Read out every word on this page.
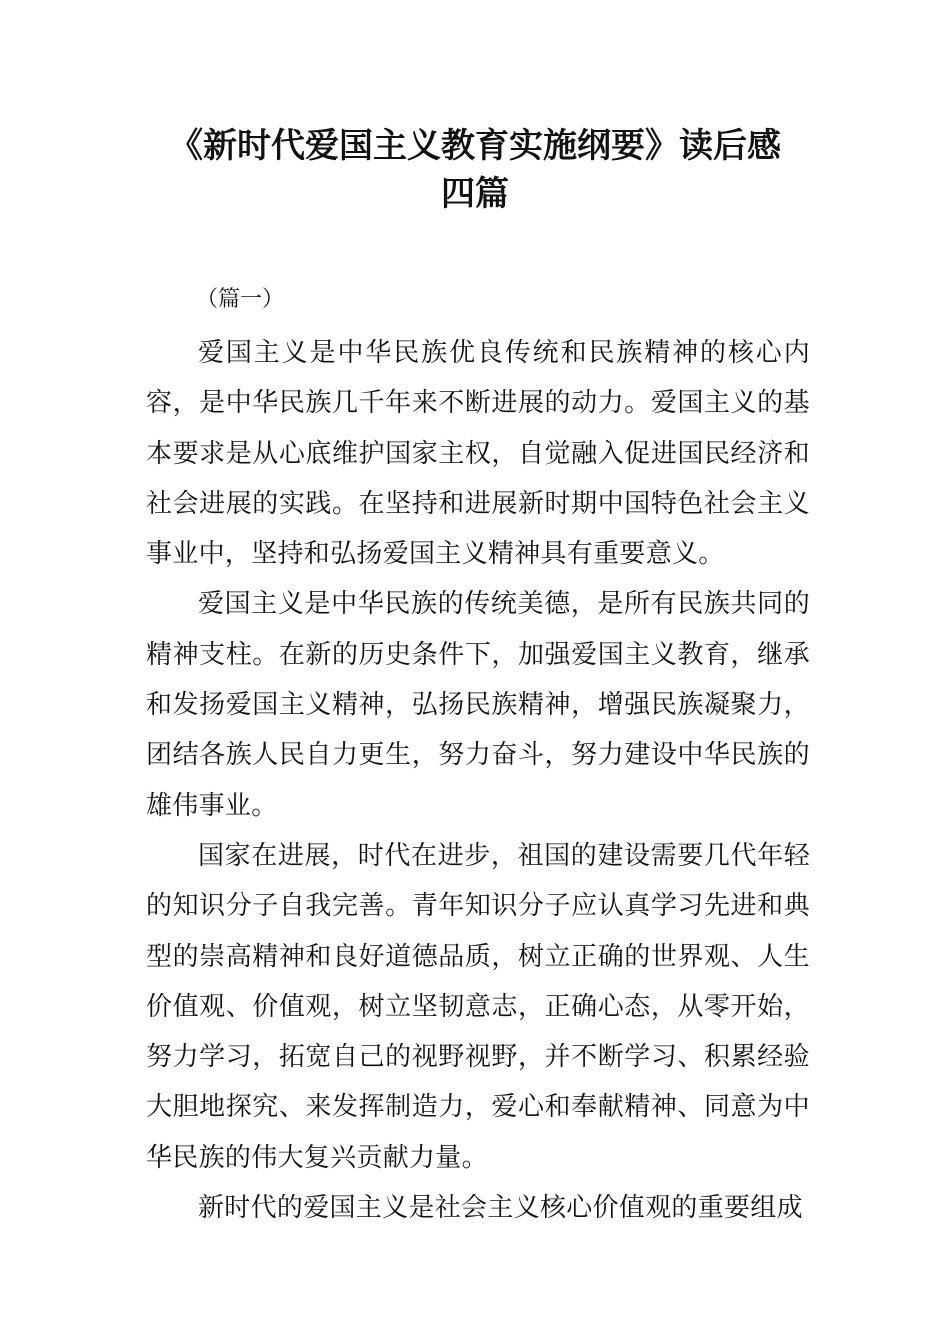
《新时代爱国主义教育实施纲要》读后感
四篇
（篇一）

爱国主义是中华民族优良传统和民族精神的核心内容，是中华民族几千年来不断进展的动力。爱国主义的基本要求是从心底维护国家主权，自觉融入促进国民经济和社会进展的实践。在坚持和进展新时期中国特色社会主义事业中，坚持和弘扬爱国主义精神具有重要意义。

爱国主义是中华民族的传统美德，是所有民族共同的精神支柱。在新的历史条件下，加强爱国主义教育，继承和发扬爱国主义精神，弘扬民族精神，增强民族凝聚力，团结各族人民自力更生，努力奋斗，努力建设中华民族的雄伟事业。

国家在进展，时代在进步，祖国的建设需要几代年轻的知识分子自我完善。青年知识分子应认真学习先进和典型的崇高精神和良好道德品质，树立正确的世界观、人生价值观、价值观，树立坚韧意志，正确心态，从零开始，努力学习，拓宽自己的视野视野，并不断学习、积累经验大胆地探究、来发挥制造力，爱心和奉献精神、同意为中华民族的伟大复兴贡献力量。

新时代的爱国主义是社会主义核心价值观的重要组成
